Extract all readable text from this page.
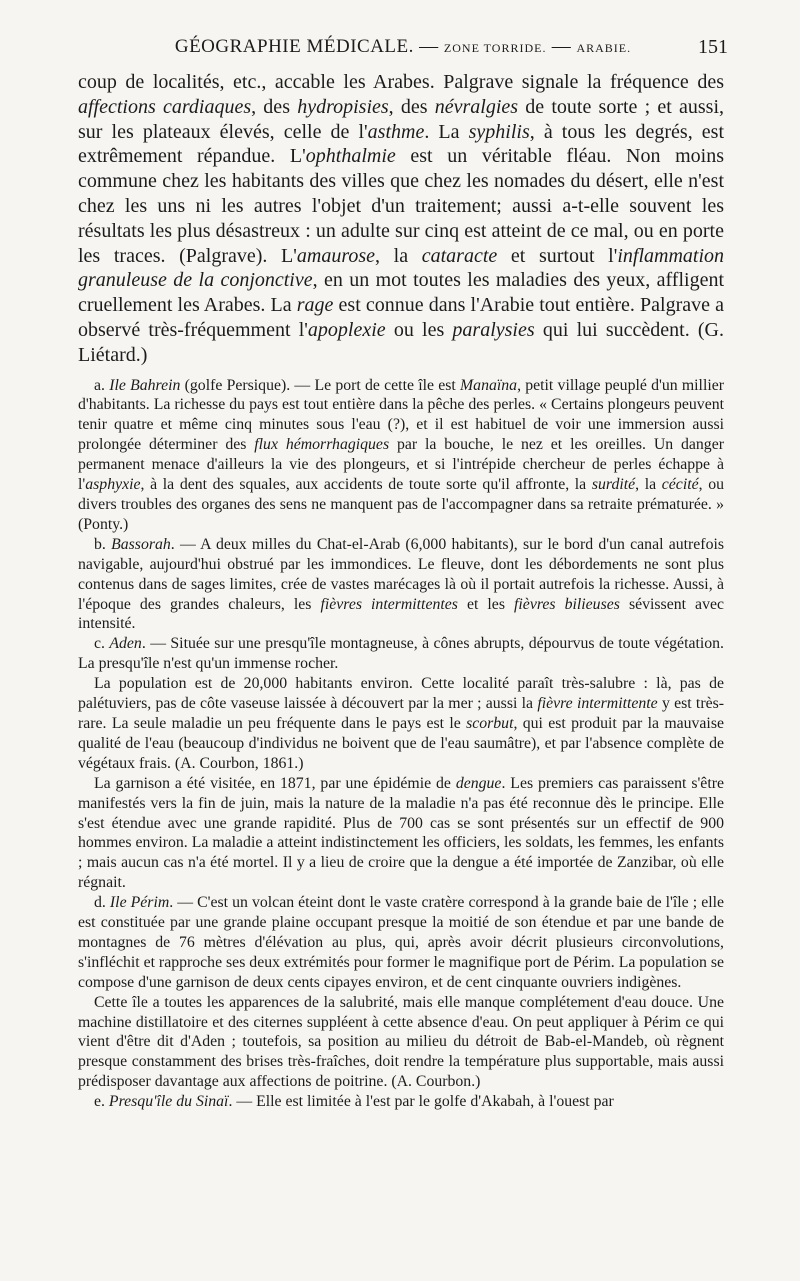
GÉOGRAPHIE MÉDICALE. — ZONE TORRIDE. — ARABIE.	151

coup de localités, etc., accable les Arabes. Palgrave signale la fréquence des affections cardiaques, des hydropisies, des névralgies de toute sorte ; et aussi, sur les plateaux élevés, celle de l'asthme. La syphilis, à tous les degrés, est extrêmement répandue. L'ophthalmie est un véritable fléau. Non moins commune chez les habitants des villes que chez les nomades du désert, elle n'est chez les uns ni les autres l'objet d'un traitement; aussi a-t-elle souvent les résultats les plus désastreux : un adulte sur cinq est atteint de ce mal, ou en porte les traces. (Palgrave). L'amaurose, la cataracte et surtout l'inflammation granuleuse de la conjonctive, en un mot toutes les maladies des yeux, affligent cruellement les Arabes. La rage est connue dans l'Arabie tout entière. Palgrave a observé très-fréquemment l'apoplexie ou les paralysies qui lui succèdent. (G. Liétard.)

a. Ile Bahrein (golfe Persique). — Le port de cette île est Manaïna, petit village peuplé d'un millier d'habitants. La richesse du pays est tout entière dans la pêche des perles. « Certains plongeurs peuvent tenir quatre et même cinq minutes sous l'eau (?), et il est habituel de voir une immersion aussi prolongée déterminer des flux hémorrhagiques par la bouche, le nez et les oreilles. Un danger permanent menace d'ailleurs la vie des plongeurs, et si l'intrépide chercheur de perles échappe à l'asphyxie, à la dent des squales, aux accidents de toute sorte qu'il affronte, la surdité, la cécité, ou divers troubles des organes des sens ne manquent pas de l'accompagner dans sa retraite prématurée. » (Ponty.)

b. Bassorah. — A deux milles du Chat-el-Arab (6,000 habitants), sur le bord d'un canal autrefois navigable, aujourd'hui obstrué par les immondices. Le fleuve, dont les débordements ne sont plus contenus dans de sages limites, crée de vastes marécages là où il portait autrefois la richesse. Aussi, à l'époque des grandes chaleurs, les fièvres intermittentes et les fièvres bilieuses sévissent avec intensité.

c. Aden. — Située sur une presqu'île montagneuse, à cônes abrupts, dépourvus de toute végétation. La presqu'île n'est qu'un immense rocher.

La population est de 20,000 habitants environ. Cette localité paraît très-salubre : là, pas de palétuviers, pas de côte vaseuse laissée à découvert par la mer ; aussi la fièvre intermittente y est très-rare. La seule maladie un peu fréquente dans le pays est le scorbut, qui est produit par la mauvaise qualité de l'eau (beaucoup d'individus ne boivent que de l'eau saumâtre), et par l'absence complète de végétaux frais. (A. Courbon, 1861.)

La garnison a été visitée, en 1871, par une épidémie de dengue. Les premiers cas paraissent s'être manifestés vers la fin de juin, mais la nature de la maladie n'a pas été reconnue dès le principe. Elle s'est étendue avec une grande rapidité. Plus de 700 cas se sont présentés sur un effectif de 900 hommes environ. La maladie a atteint indistinctement les officiers, les soldats, les femmes, les enfants ; mais aucun cas n'a été mortel. Il y a lieu de croire que la dengue a été importée de Zanzibar, où elle régnait.

d. Ile Périm. — C'est un volcan éteint dont le vaste cratère correspond à la grande baie de l'île ; elle est constituée par une grande plaine occupant presque la moitié de son étendue et par une bande de montagnes de 76 mètres d'élévation au plus, qui, après avoir décrit plusieurs circonvolutions, s'infléchit et rapproche ses deux extrémités pour former le magnifique port de Périm. La population se compose d'une garnison de deux cents cipayes environ, et de cent cinquante ouvriers indigènes.

Cette île a toutes les apparences de la salubrité, mais elle manque complétement d'eau douce. Une machine distillatoire et des citernes suppléent à cette absence d'eau. On peut appliquer à Périm ce qui vient d'être dit d'Aden ; toutefois, sa position au milieu du détroit de Bab-el-Mandeb, où règnent presque constamment des brises très-fraîches, doit rendre la température plus supportable, mais aussi prédisposer davantage aux affections de poitrine. (A. Courbon.)

e. Presqu'île du Sinaï. — Elle est limitée à l'est par le golfe d'Akabah, à l'ouest par
